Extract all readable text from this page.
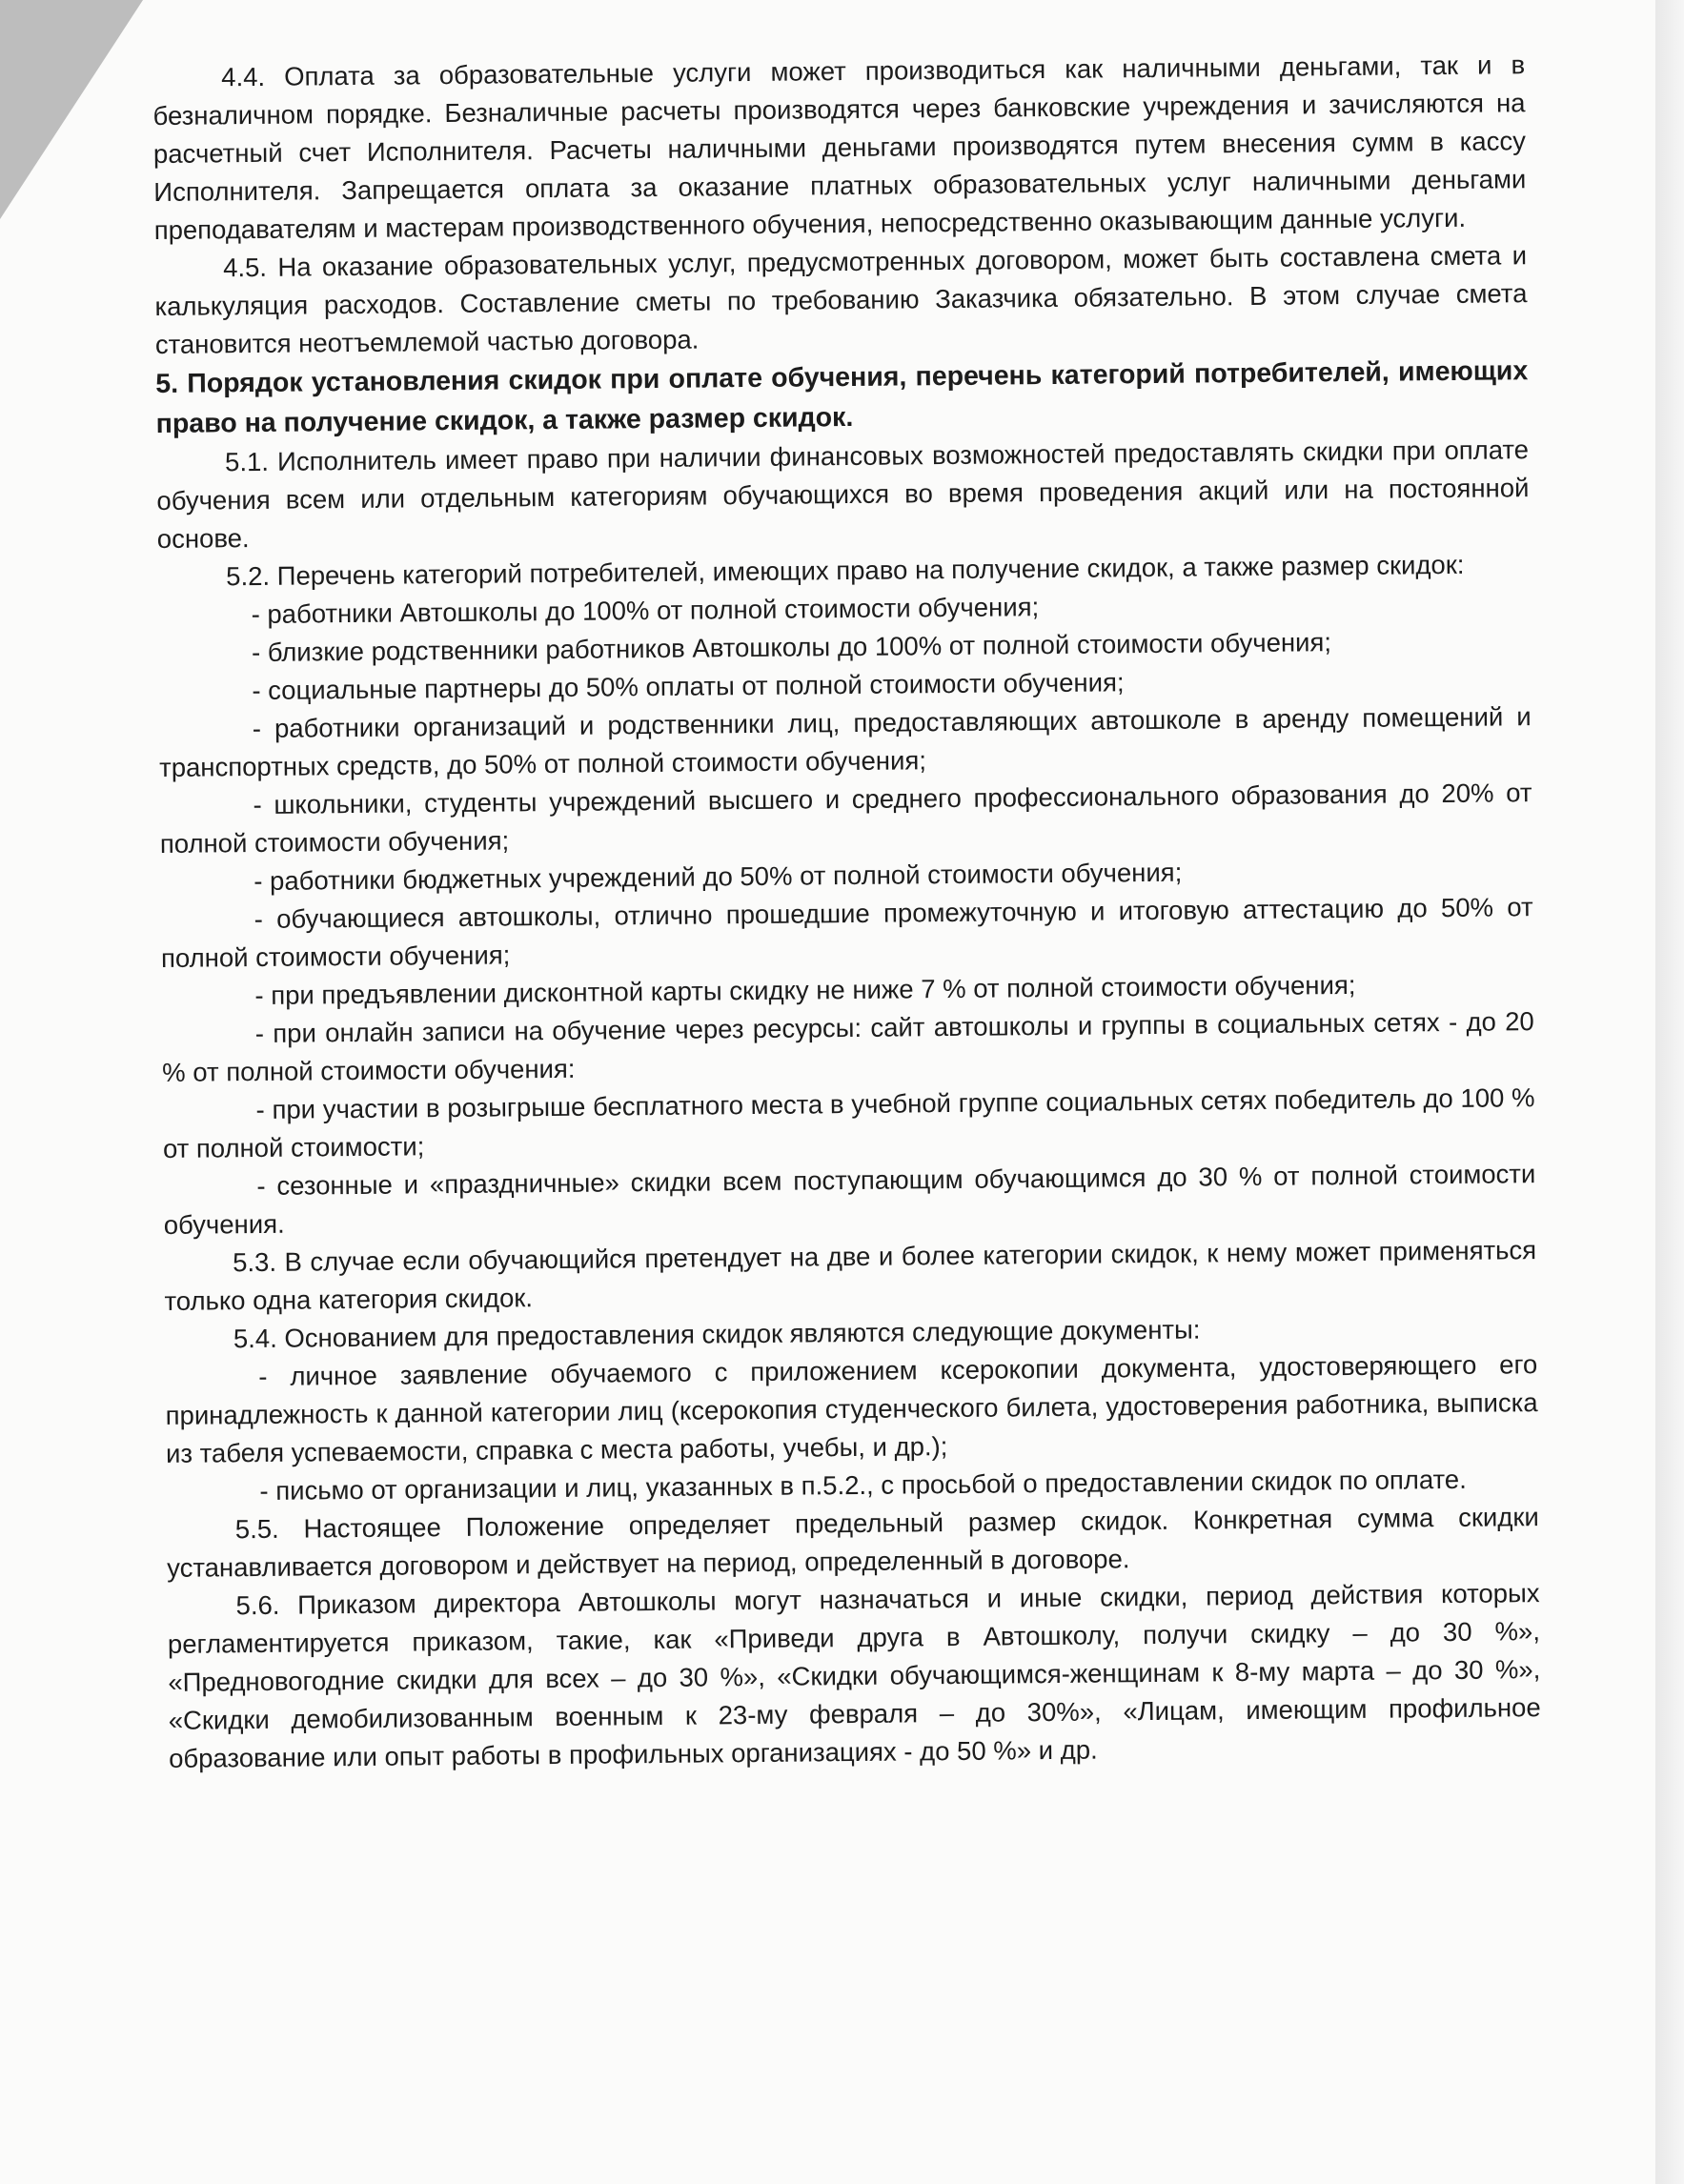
4.4. Оплата за образовательные услуги может производиться как наличными деньгами, так и в безналичном порядке. Безналичные расчеты производятся через банковские учреждения и зачисляются на расчетный счет Исполнителя. Расчеты наличными деньгами производятся путем внесения сумм в кассу Исполнителя. Запрещается оплата за оказание платных образовательных услуг наличными деньгами преподавателям и мастерам производственного обучения, непосредственно оказывающим данные услуги.

4.5. На оказание образовательных услуг, предусмотренных договором, может быть составлена смета и калькуляция расходов. Составление сметы по требованию Заказчика обязательно. В этом случае смета становится неотъемлемой частью договора.

5. Порядок установления скидок при оплате обучения, перечень категорий потребителей, имеющих право на получение скидок, а также размер скидок.

5.1. Исполнитель имеет право при наличии финансовых возможностей предоставлять скидки при оплате обучения всем или отдельным категориям обучающихся во время проведения акций или на постоянной основе.

5.2. Перечень категорий потребителей, имеющих право на получение скидок, а также размер скидок:

- работники Автошколы до 100% от полной стоимости обучения;

- близкие родственники работников Автошколы до 100% от полной стоимости обучения;

- социальные партнеры до 50% оплаты от полной стоимости обучения;

- работники организаций и родственники лиц, предоставляющих автошколе в аренду помещений и транспортных средств, до 50% от полной стоимости обучения;

- школьники, студенты учреждений высшего и среднего профессионального образования до 20% от полной стоимости обучения;

- работники бюджетных учреждений до 50% от полной стоимости обучения;

- обучающиеся автошколы, отлично прошедшие промежуточную и итоговую аттестацию до 50% от полной стоимости обучения;

- при предъявлении дисконтной карты скидку не ниже 7 % от полной стоимости обучения;

- при онлайн записи на обучение через ресурсы: сайт автошколы и группы в социальных сетях - до 20 % от полной стоимости обучения:

- при участии в розыгрыше бесплатного места в учебной группе социальных сетях победитель до 100 % от полной стоимости;

- сезонные и «праздничные» скидки всем поступающим обучающимся до 30 % от полной стоимости обучения.

5.3. В случае если обучающийся претендует на две и более категории скидок, к нему может применяться только одна категория скидок.

5.4. Основанием для предоставления скидок являются следующие документы:

- личное заявление обучаемого с приложением ксерокопии документа, удостоверяющего его принадлежность к данной категории лиц (ксерокопия студенческого билета, удостоверения работника, выписка из табеля успеваемости, справка с места работы, учебы, и др.);

- письмо от организации и лиц, указанных в п.5.2., с просьбой о предоставлении скидок по оплате.

5.5. Настоящее Положение определяет предельный размер скидок. Конкретная сумма скидки устанавливается договором и действует на период, определенный в договоре.

5.6. Приказом директора Автошколы могут назначаться и иные скидки, период действия которых регламентируется приказом, такие, как «Приведи друга в Автошколу, получи скидку – до 30 %», «Предновогодние скидки для всех – до 30 %», «Скидки обучающимся-женщинам к 8-му марта – до 30 %», «Скидки демобилизованным военным к 23-му февраля – до 30%», «Лицам, имеющим профильное образование или опыт работы в профильных организациях - до 50 %» и др.
